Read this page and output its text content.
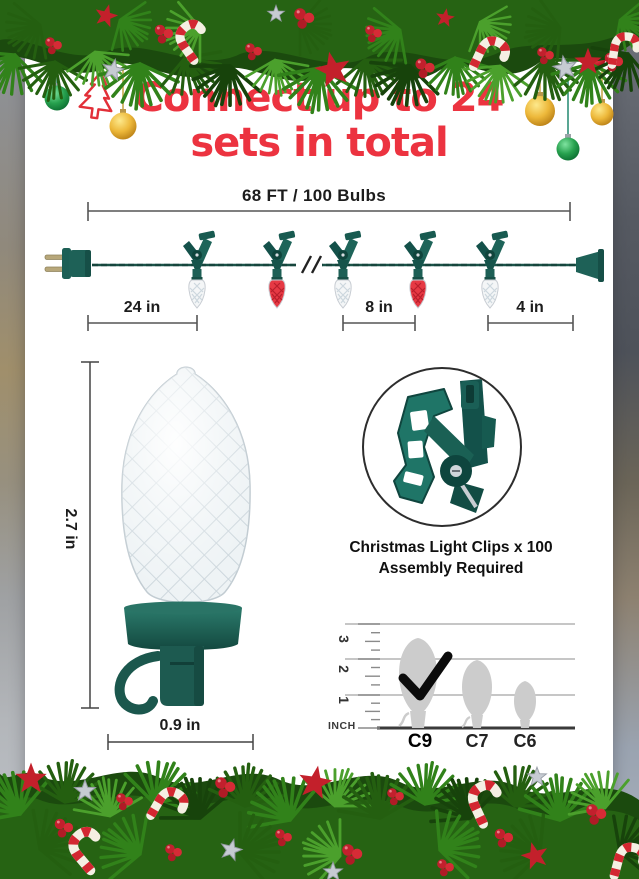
up 24
sets in total
68 FT / 100 Bulbs
24 in	8 in	4 in
2.7 in
0.9 in
Christmas Light Clips x 100
Assembly Required
3
2
1
INCH
C9	C7	C6
